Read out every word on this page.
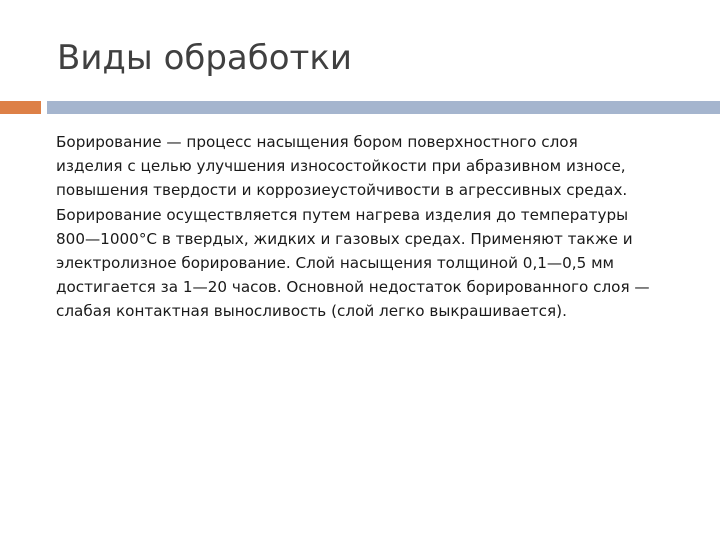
Виды обработки

Борирование — процесс насыщения бором поверхностного слоя
изделия с целью улучшения износостойкости при абразивном износе,
повышения твердости и коррозиеустойчивости в агрессивных средах.
Борирование осуществляется путем нагрева изделия до температуры
800—1000°С в твердых, жидких и газовых средах. Применяют также и
электролизное борирование. Слой насыщения толщиной 0,1—0,5 мм
достигается за 1—20 часов. Основной недостаток борированного слоя —
слабая контактная выносливость (слой легко выкрашивается).
